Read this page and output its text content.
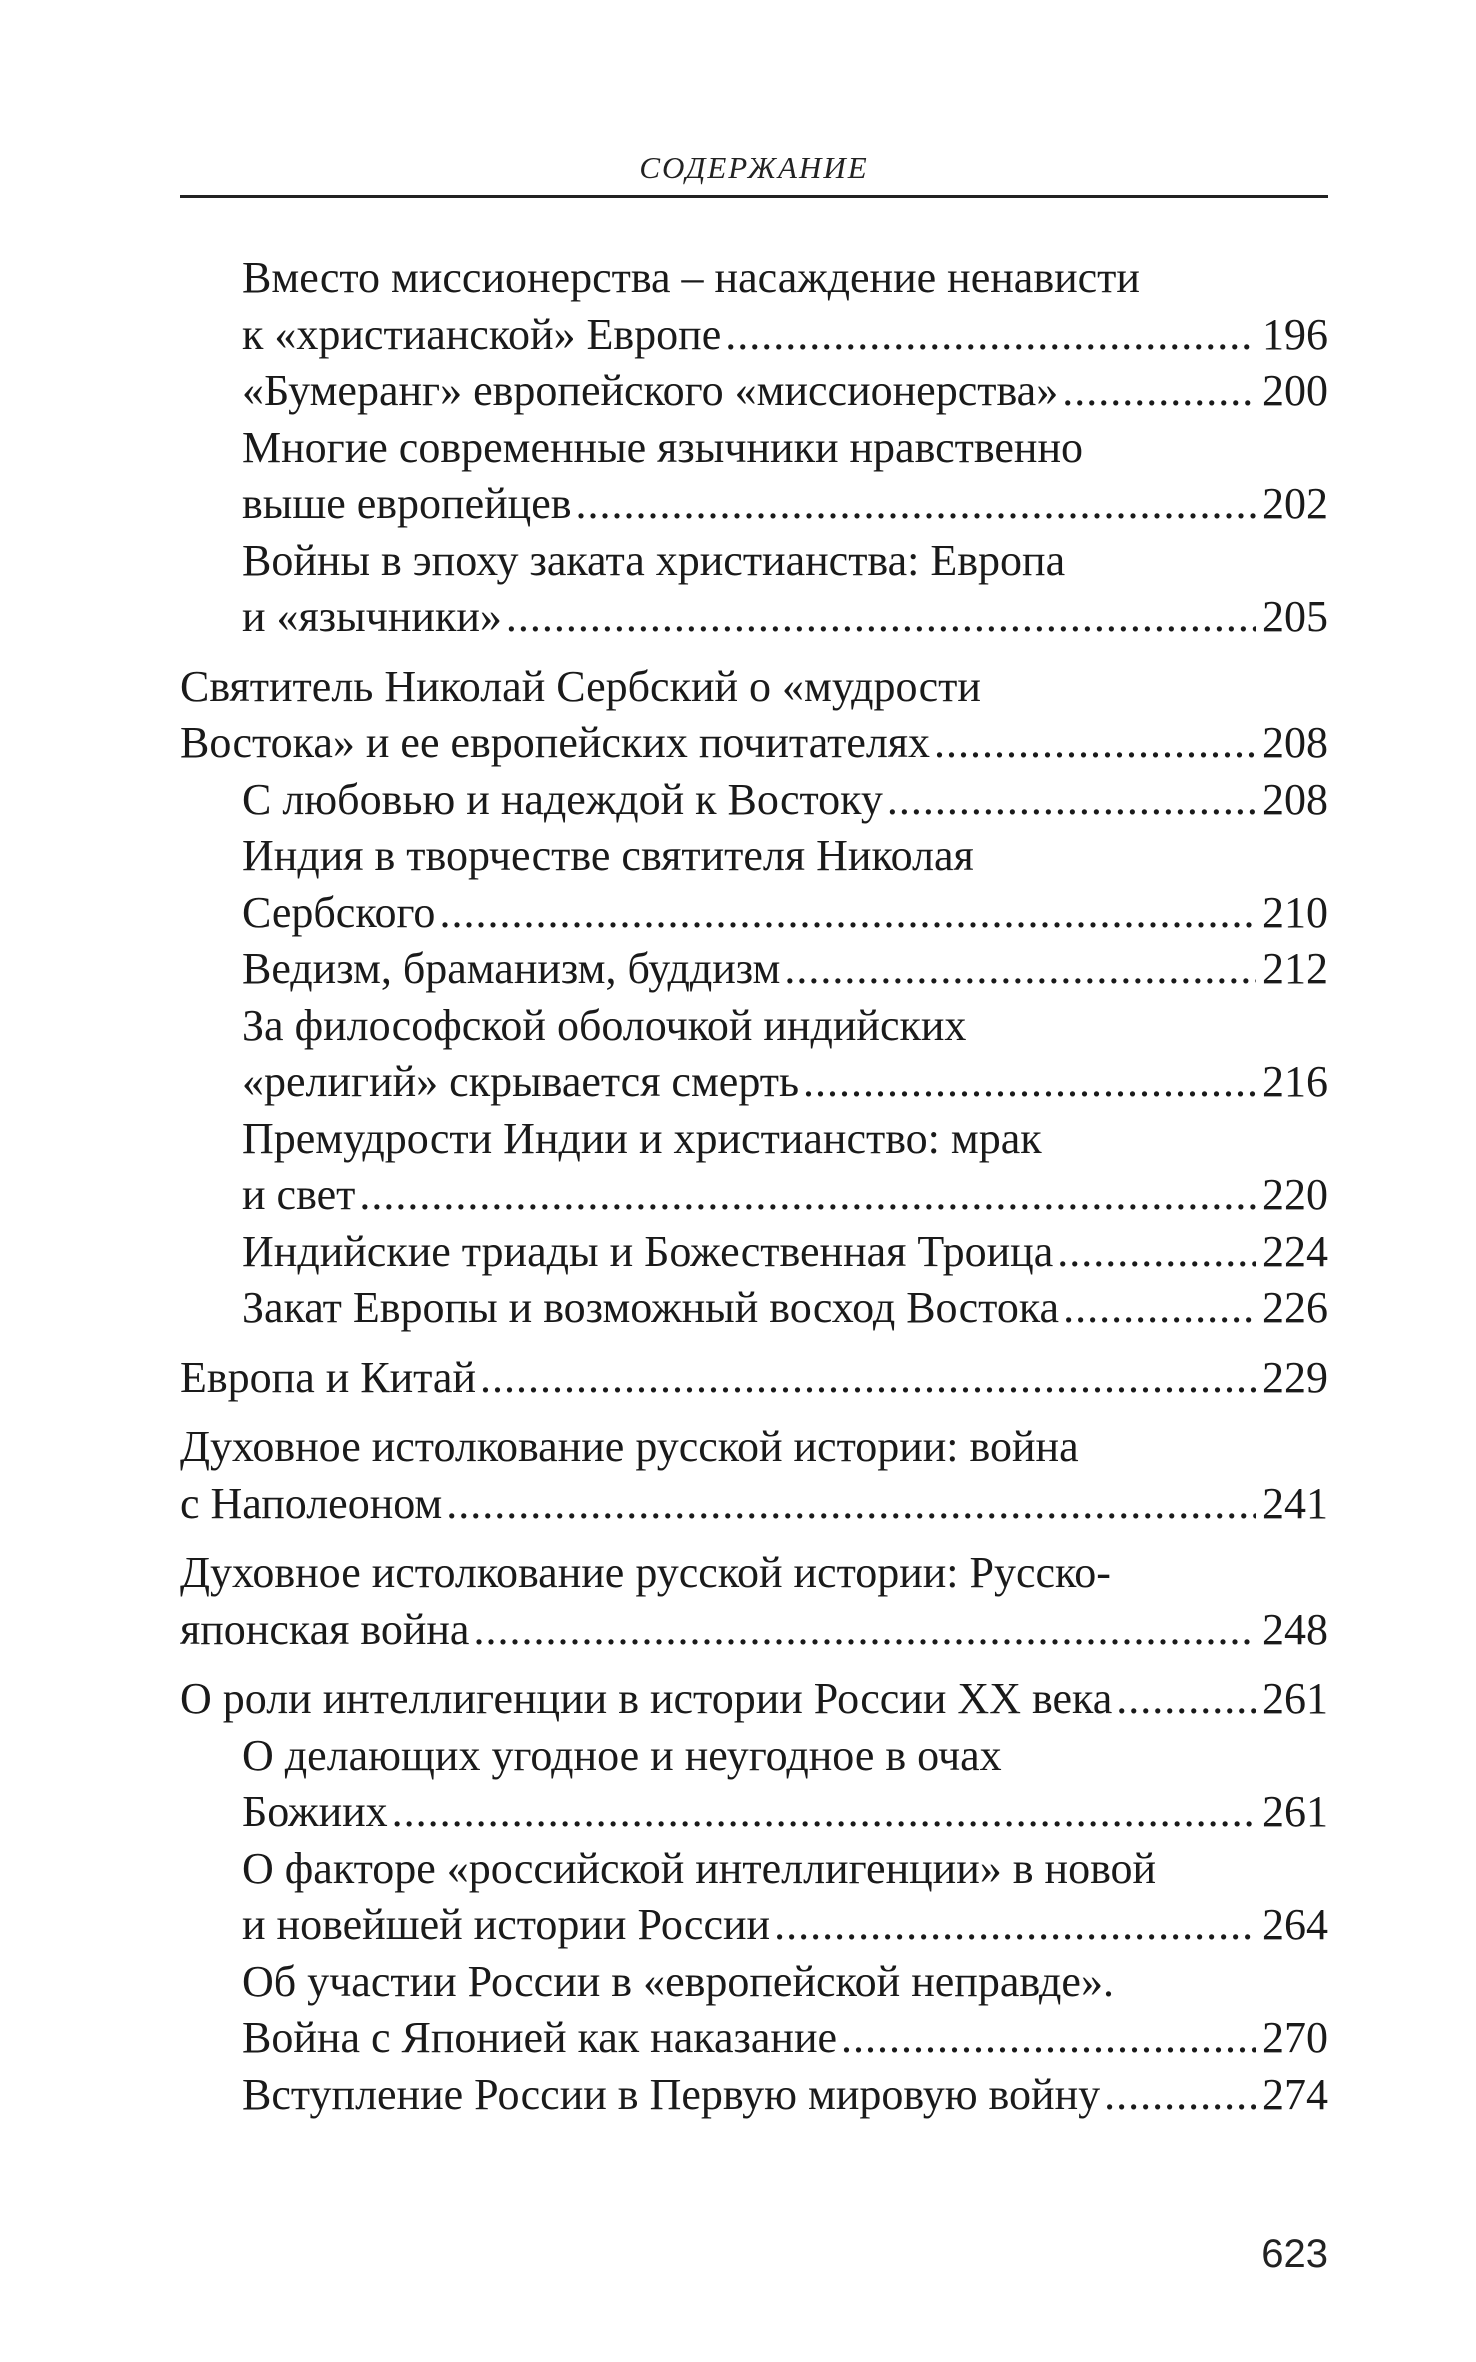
СОДЕРЖАНИЕ
Вместо миссионерства – насаждение ненависти
к «христианской» Европе .....	196
«Бумеранг» европейского «миссионерства» .....	200
Многие современные язычники нравственно
выше европейцев .....	202
Войны в эпоху заката христианства: Европа
и «язычники» .....	205
Святитель Николай Сербский о «мудрости
Востока» и ее европейских почитателях .....	208
С любовью и надеждой к Востоку .....	208
Индия в творчестве святителя Николая
Сербского .....	210
Ведизм, браманизм, буддизм .....	212
За философской оболочкой индийских
«религий» скрывается смерть .....	216
Премудрости Индии и христианство: мрак
и свет .....	220
Индийские триады и Божественная Троица .....	224
Закат Европы и возможный восход Востока .....	226
Европа и Китай .....	229
Духовное истолкование русской истории: война
с Наполеоном .....	241
Духовное истолкование русской истории: Русско-
японская война .....	248
О роли интеллигенции в истории России XX века .....	261
О делающих угодное и неугодное в очах
Божиих .....	261
О факторе «российской интеллигенции» в новой
и новейшей истории России .....	264
Об участии России в «европейской неправде».
Война с Японией как наказание .....	270
Вступление России в Первую мировую войну .....	274
623
